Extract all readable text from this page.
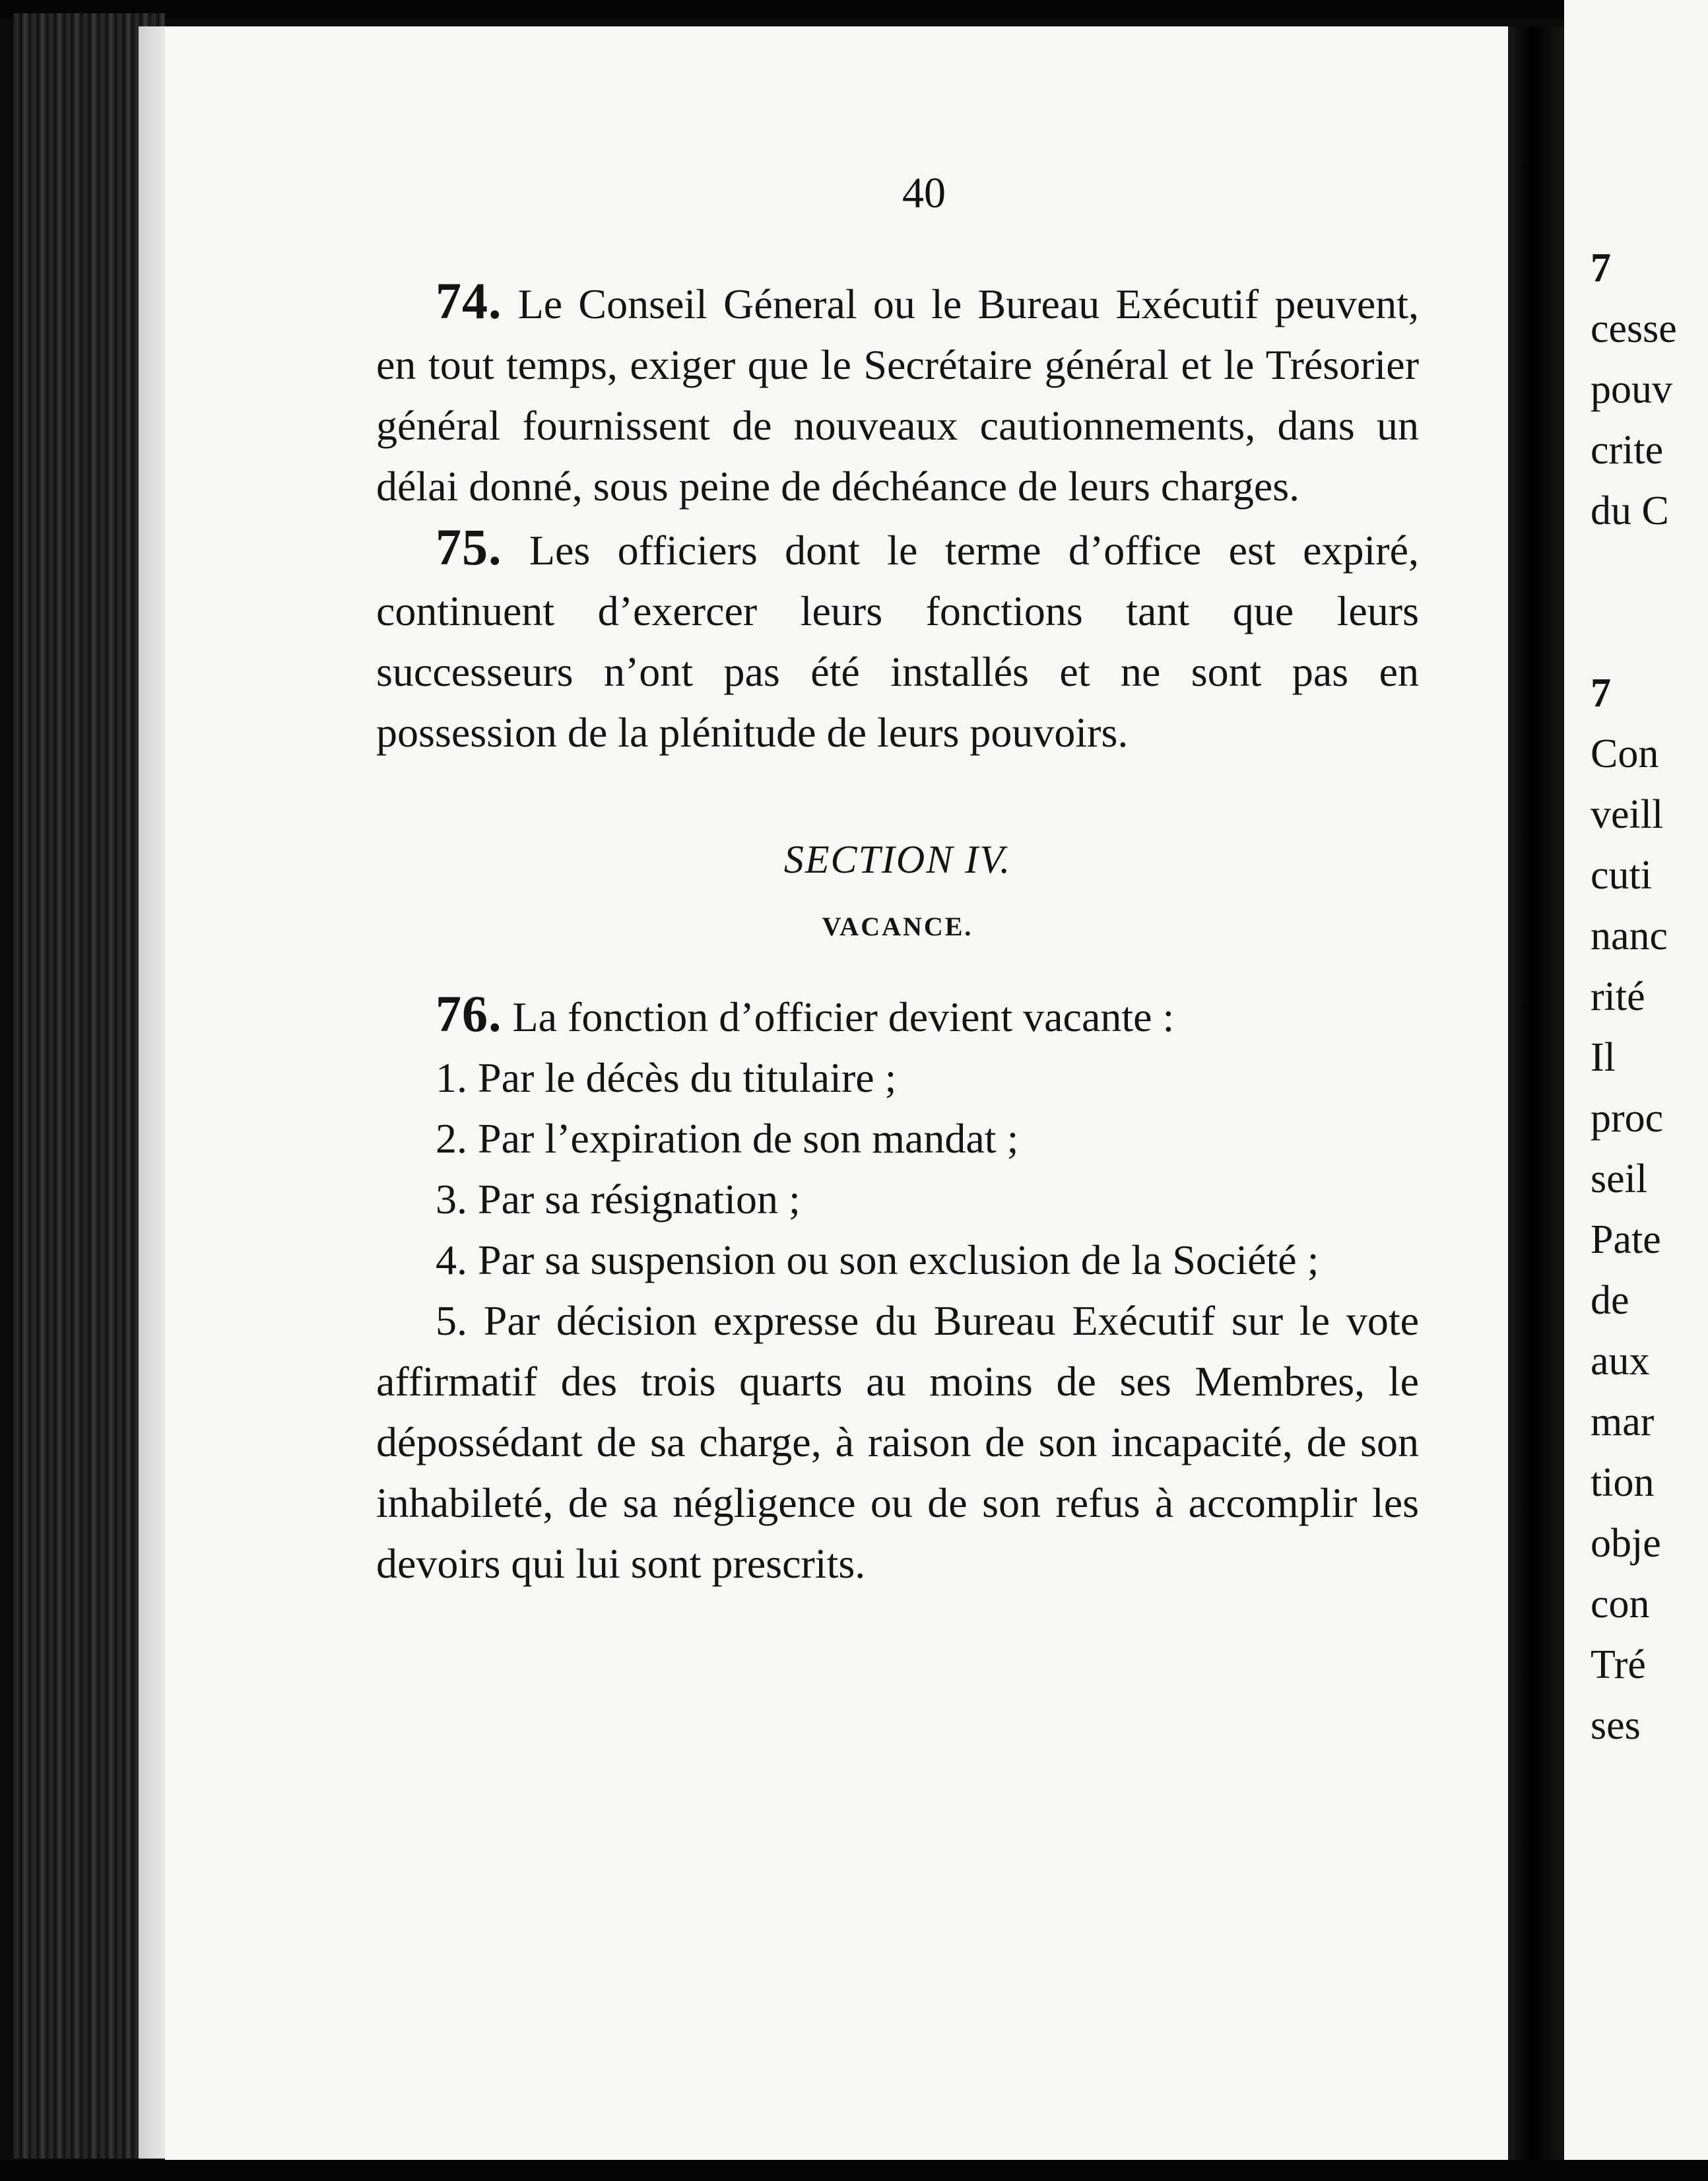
40

74. Le Conseil Géneral ou le Bureau Exécutif peuvent, en tout temps, exiger que le Secrétaire général et le Trésorier général fournissent de nouveaux cautionnements, dans un délai donné, sous peine de déchéance de leurs charges.

75. Les officiers dont le terme d’office est expiré, continuent d’exercer leurs fonctions tant que leurs successeurs n’ont pas été installés et ne sont pas en possession de la plénitude de leurs pouvoirs.

SECTION IV.

VACANCE.

76. La fonction d’officier devient vacante :

1. Par le décès du titulaire ;

2. Par l’expiration de son mandat ;

3. Par sa résignation ;

4. Par sa suspension ou son exclusion de la Société ;

5. Par décision expresse du Bureau Exécutif sur le vote affirmatif des trois quarts au moins de ses Membres, le dépossédant de sa charge, à raison de son incapacité, de son inhabileté, de sa négligence ou de son refus à accomplir les devoirs qui lui sont prescrits.

7
cesse
pouv
crite
du C
7
Con
veill
cuti
nanc
rité
Il
proc
seil
Pate
de
aux
mar
tion
obje
con
Tré
ses
